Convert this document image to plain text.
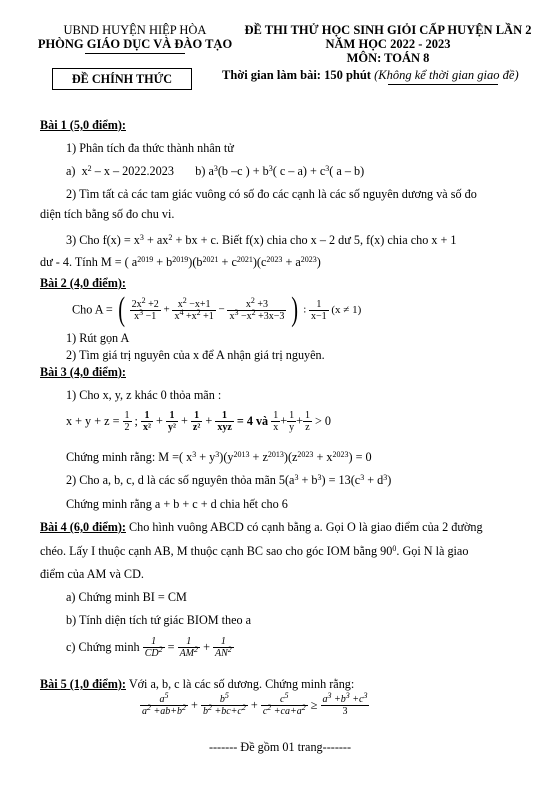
UBND HUYỆN HIỆP HÒA
PHÒNG GIÁO DỤC VÀ ĐÀO TẠO
ĐỀ CHÍNH THỨC
ĐỀ THI THỬ HỌC SINH GIỎI CẤP HUYỆN LẦN 2
NĂM HỌC 2022 - 2023
MÔN: TOÁN 8
Thời gian làm bài: 150 phút (Không kể thời gian giao đề)
Bài 1 (5,0 điểm):
1) Phân tích đa thức thành nhân tử
a)  $x^2$ – x – 2022.2023       b) $a^3(b$ –c ) + $b^3$( $c - a) + c^3$( a – b)
2) Tìm tất cả các tam giác vuông có số đo các cạnh là các số nguyên dương và số đo
diện tích bằng số đo chu vi.
3) Cho $f(x) = x^3 + ax^2$ + bx + c. Biết f(x) chia cho x – 2 dư 5, f(x) chia cho x + 1
dư - 4. Tính M = ( $a^{2019} + b^{2019})(b^{2021} + c^{2021})(c^{2023} + a^{2023})$
Bài 2 (4,0 điểm):
Cho A = ( $\frac{2x^2 +2}{x^3 -1} + \frac{x^2 -x+1}{x^4 +x^2 +1} - \frac{x^2 +3}{x^3 -x^2 +3x-3}$ ) : $\frac{1}{x-1} (x \ne 1)$
1) Rút gọn A
2) Tìm giá trị nguyên của x để A nhận giá trị nguyên.
Bài 3 (4,0 điểm):
1) Cho x, y, z khác 0 thỏa mãn :
$x + y + z = \frac{1}{2}$ ; $\frac{1}{\text{x²}} + \frac{1}{\text{y²}} + \frac{1}{\text{z²}} + \frac{1}{\text{xyz}} = 4$ và $\frac{1}{x} + \frac{1}{y} + \frac{1}{z} > 0$
Chứng minh rằng: M =( $x^3 + y^3)(y^{2013} + z^{2013})(z^{2023} + x^{2023}) = 0$
2) Cho a, b, c, d là các số nguyên thỏa mãn $5(a^3 + b^3) = 13(c^3 + d^3)$
Chứng minh rằng a + b + c + d chia hết cho 6
Bài 4 (6,0 điểm): Cho hình vuông ABCD có cạnh bằng a. Gọi O là giao điểm của 2 đường
chéo. Lấy I thuộc cạnh AB, M thuộc cạnh BC sao cho góc IOM bằng $90^0$. Gọi N là giao
điểm của AM và CD.
a) Chứng minh BI = CM
b) Tính diện tích tứ giác BIOM theo a
c) Chứng minh $\frac{1}{CD^2} = \frac{1}{AM^2} + \frac{1}{AN^2}$
Bài 5 (1,0 điểm): Với a, b, c là các số dương. Chứng minh rằng:
$\frac{a^5}{a^2 +ab+b^2} + \frac{b^5}{b^2 +bc+c^2} + \frac{c^5}{c^2 +ca+a^2} \ge \frac{a^3 +b^3 +c^3}{3}$
------- Đề gồm 01 trang-------
